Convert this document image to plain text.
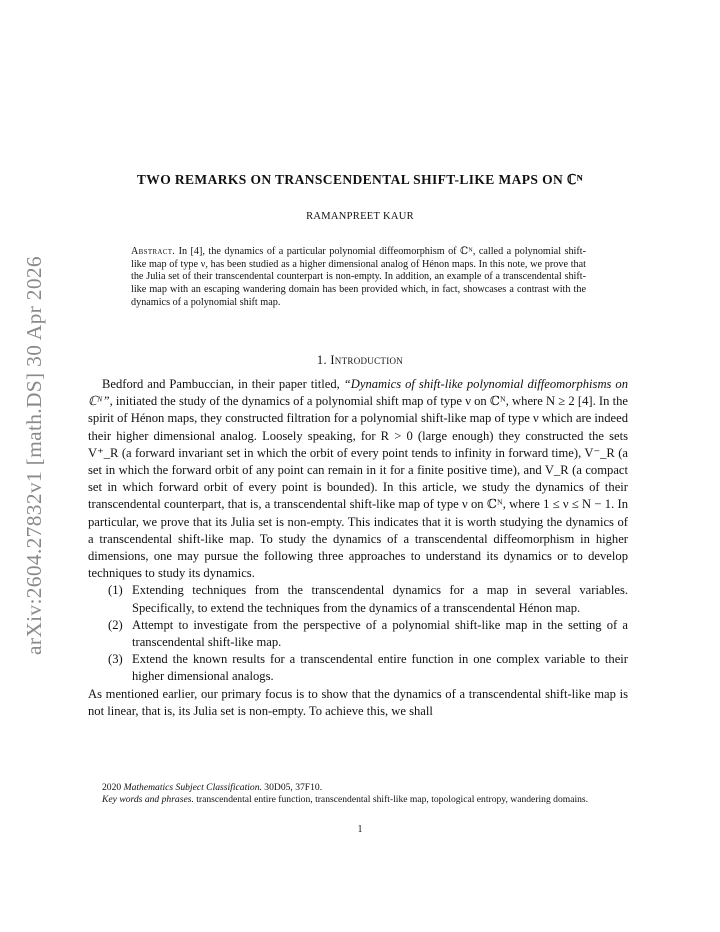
arXiv:2604.27832v1 [math.DS] 30 Apr 2026
TWO REMARKS ON TRANSCENDENTAL SHIFT-LIKE MAPS ON ℂᴺ
RAMANPREET KAUR
Abstract. In [4], the dynamics of a particular polynomial diffeomorphism of ℂᴺ, called a polynomial shift-like map of type ν, has been studied as a higher dimensional analog of Hénon maps. In this note, we prove that the Julia set of their transcendental counterpart is non-empty. In addition, an example of a transcendental shift-like map with an escaping wandering domain has been provided which, in fact, showcases a contrast with the dynamics of a polynomial shift map.
1. Introduction

Bedford and Pambuccian, in their paper titled, “Dynamics of shift-like polynomial diffeomorphisms on ℂᴺ”, initiated the study of the dynamics of a polynomial shift map of type ν on ℂᴺ, where N ≥ 2 [4]. In the spirit of Hénon maps, they constructed filtration for a polynomial shift-like map of type ν which are indeed their higher dimensional analog. Loosely speaking, for R > 0 (large enough) they constructed the sets V⁺_R (a forward invariant set in which the orbit of every point tends to infinity in forward time), V⁻_R (a set in which the forward orbit of any point can remain in it for a finite positive time), and V_R (a compact set in which forward orbit of every point is bounded). In this article, we study the dynamics of their transcendental counterpart, that is, a transcendental shift-like map of type ν on ℂᴺ, where 1 ≤ ν ≤ N − 1. In particular, we prove that its Julia set is non-empty. This indicates that it is worth studying the dynamics of a transcendental shift-like map. To study the dynamics of a transcendental diffeomorphism in higher dimensions, one may pursue the following three approaches to understand its dynamics or to develop techniques to study its dynamics.

(1) Extending techniques from the transcendental dynamics for a map in several variables. Specifically, to extend the techniques from the dynamics of a transcendental Hénon map.
(2) Attempt to investigate from the perspective of a polynomial shift-like map in the setting of a transcendental shift-like map.
(3) Extend the known results for a transcendental entire function in one complex variable to their higher dimensional analogs.

As mentioned earlier, our primary focus is to show that the dynamics of a transcendental shift-like map is not linear, that is, its Julia set is non-empty. To achieve this, we shall

2020 Mathematics Subject Classification. 30D05, 37F10.

Key words and phrases. transcendental entire function, transcendental shift-like map, topological entropy, wandering domains.

1
